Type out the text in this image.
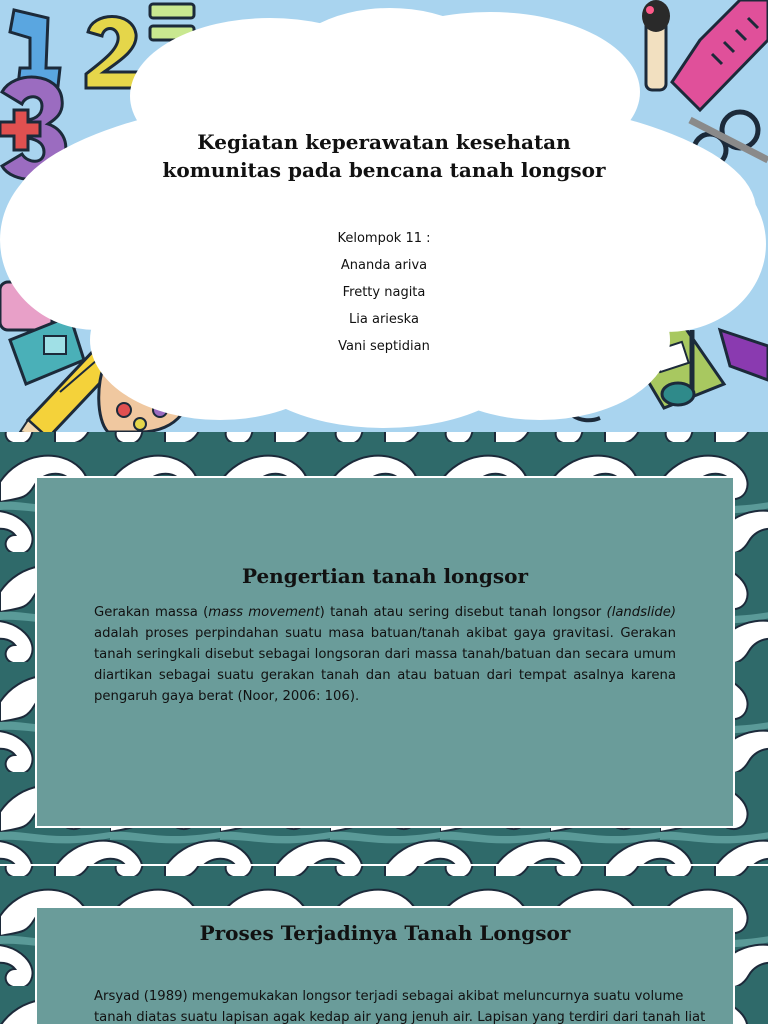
Kegiatan keperawatan kesehatan
komunitas pada bencana tanah longsor
Kelompok 11 :
Ananda ariva
Fretty nagita
Lia arieska
Vani septidian
Pengertian tanah longsor
Gerakan massa (mass movement) tanah atau sering disebut tanah longsor (landslide) adalah proses perpindahan suatu masa batuan/tanah akibat gaya gravitasi. Gerakan tanah seringkali disebut sebagai longsoran dari massa tanah/batuan dan secara umum diartikan sebagai suatu gerakan tanah dan atau batuan dari tempat asalnya karena pengaruh gaya berat (Noor, 2006: 106).
Proses Terjadinya Tanah Longsor
Arsyad (1989) mengemukakan longsor terjadi sebagai akibat meluncurnya suatu volume
tanah diatas suatu lapisan agak kedap air yang jenuh air. Lapisan yang terdiri dari tanah liat
